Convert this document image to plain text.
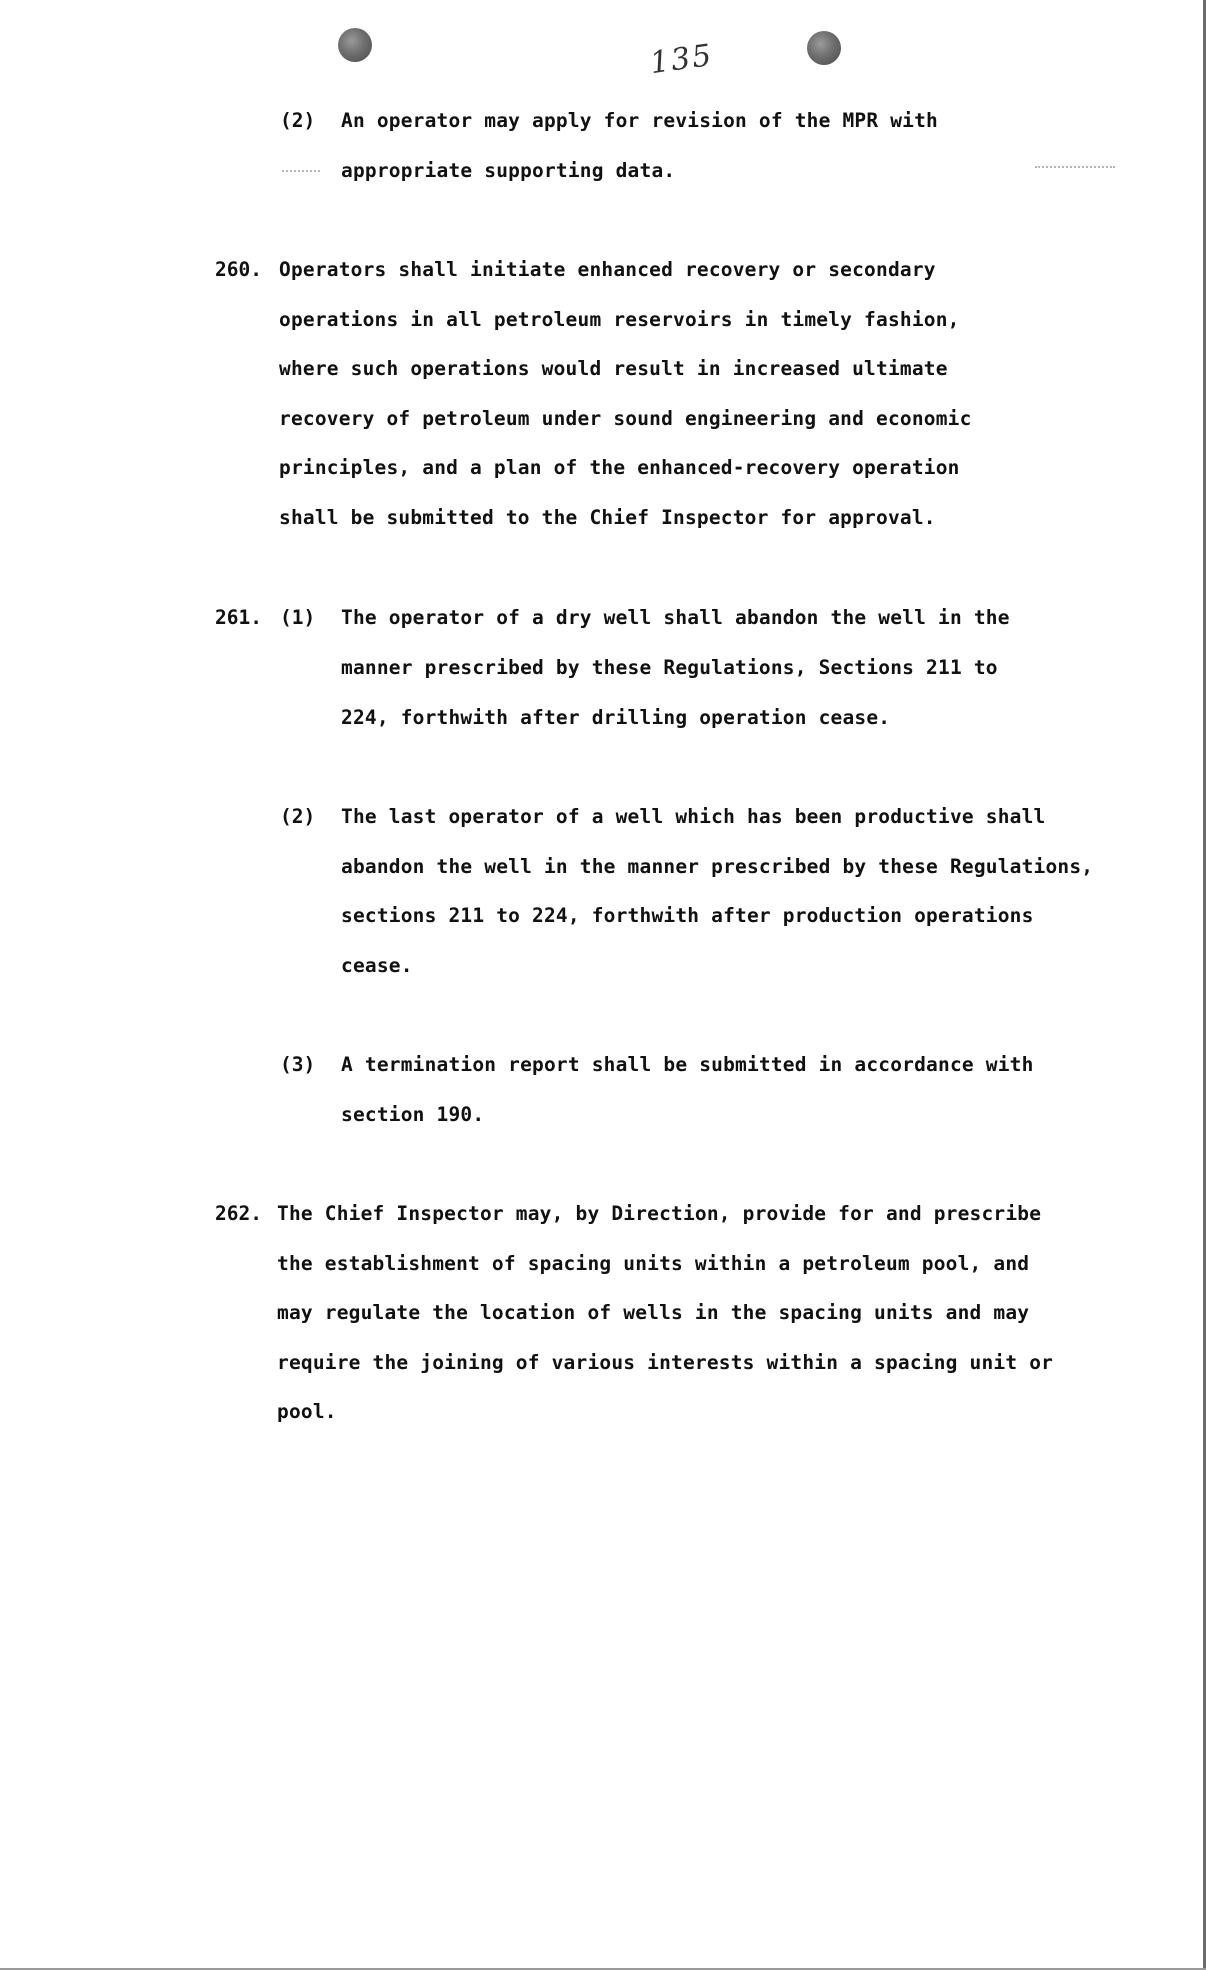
135
(2) An operator may apply for revision of the MPR with
appropriate supporting data.
260. Operators shall initiate enhanced recovery or secondary
operations in all petroleum reservoirs in timely fashion,
where such operations would result in increased ultimate
recovery of petroleum under sound engineering and economic
principles, and a plan of the enhanced-recovery operation
shall be submitted to the Chief Inspector for approval.
261. (1) The operator of a dry well shall abandon the well in the
manner prescribed by these Regulations, Sections 211 to
224, forthwith after drilling operation cease.
(2) The last operator of a well which has been productive shall
abandon the well in the manner prescribed by these Regulations,
sections 211 to 224, forthwith after production operations
cease.
(3) A termination report shall be submitted in accordance with
section 190.
262. The Chief Inspector may, by Direction, provide for and prescribe
the establishment of spacing units within a petroleum pool, and
may regulate the location of wells in the spacing units and may
require the joining of various interests within a spacing unit or
pool.
